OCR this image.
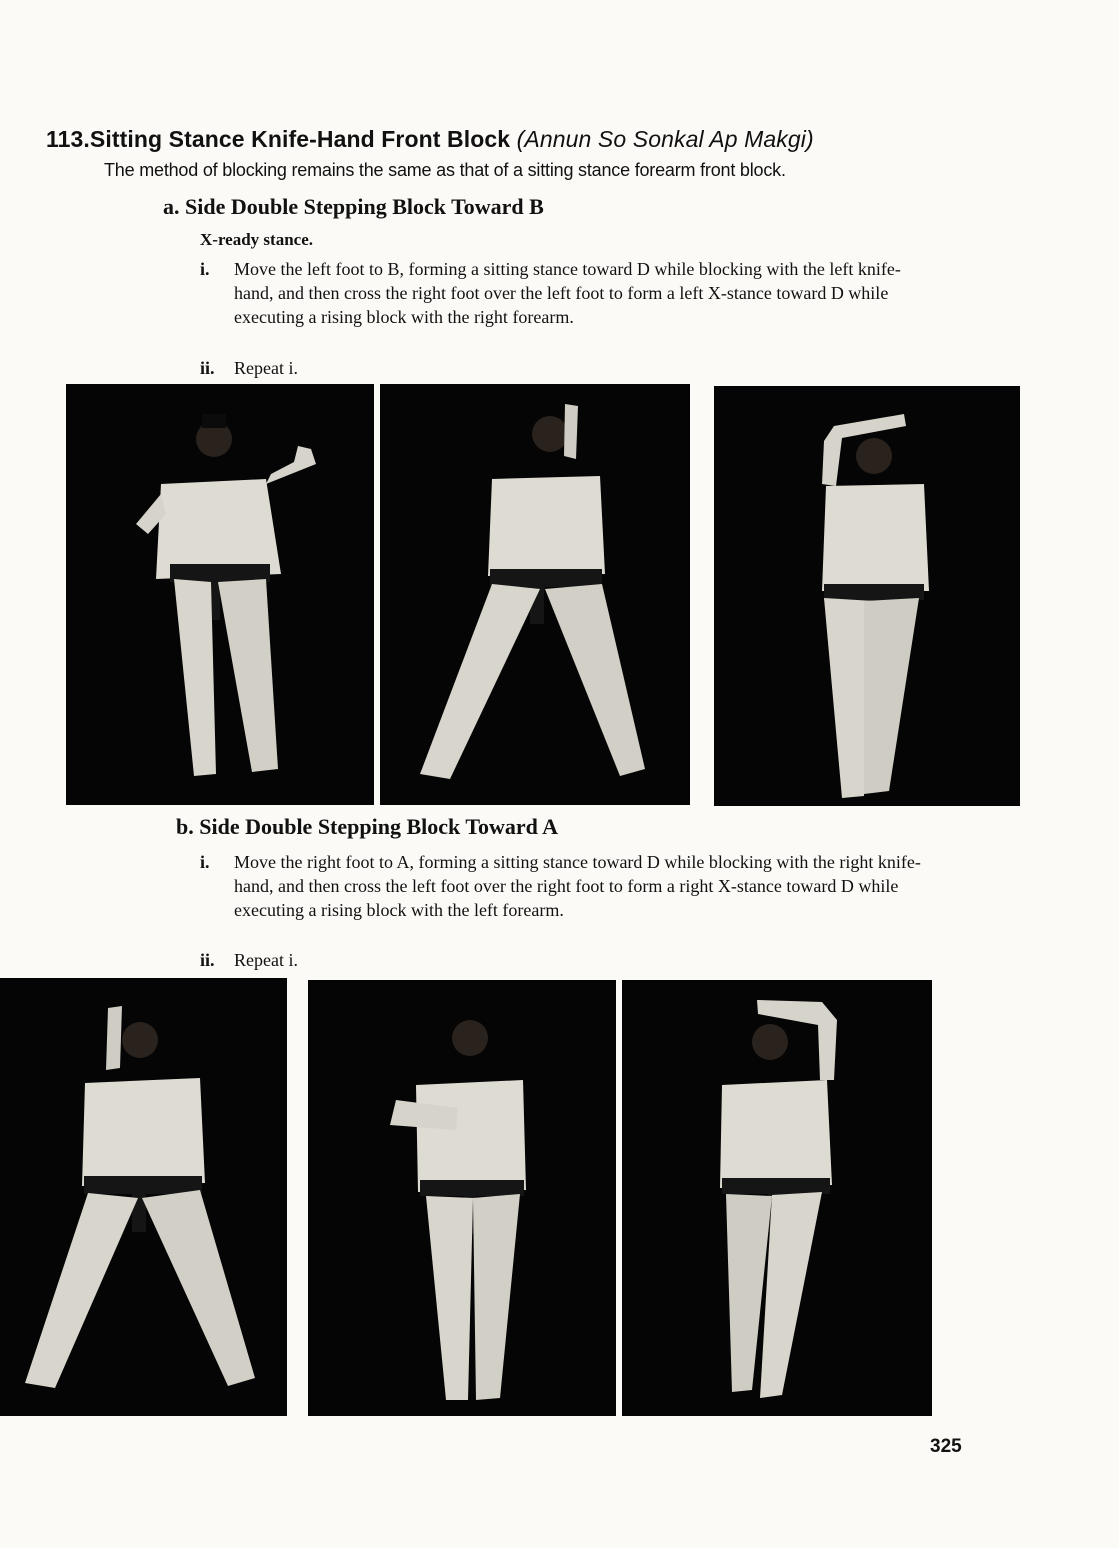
113.Sitting Stance Knife-Hand Front Block (Annun So Sonkal Ap Makgi)
The method of blocking remains the same as that of a sitting stance forearm front block.
a. Side Double Stepping Block Toward B
X-ready stance.
i.	Move the left foot to B, forming a sitting stance toward D while blocking with the left knife-hand, and then cross the right foot over the left foot to form a left X-stance toward D while executing a rising block with the right forearm.
ii.	Repeat i.
b. Side Double Stepping Block Toward A
i.	Move the right foot to A, forming a sitting stance toward D while blocking with the right knife-hand, and then cross the left foot over the right foot to form a right X-stance toward D while executing a rising block with the left forearm.
ii.	Repeat i.
325
